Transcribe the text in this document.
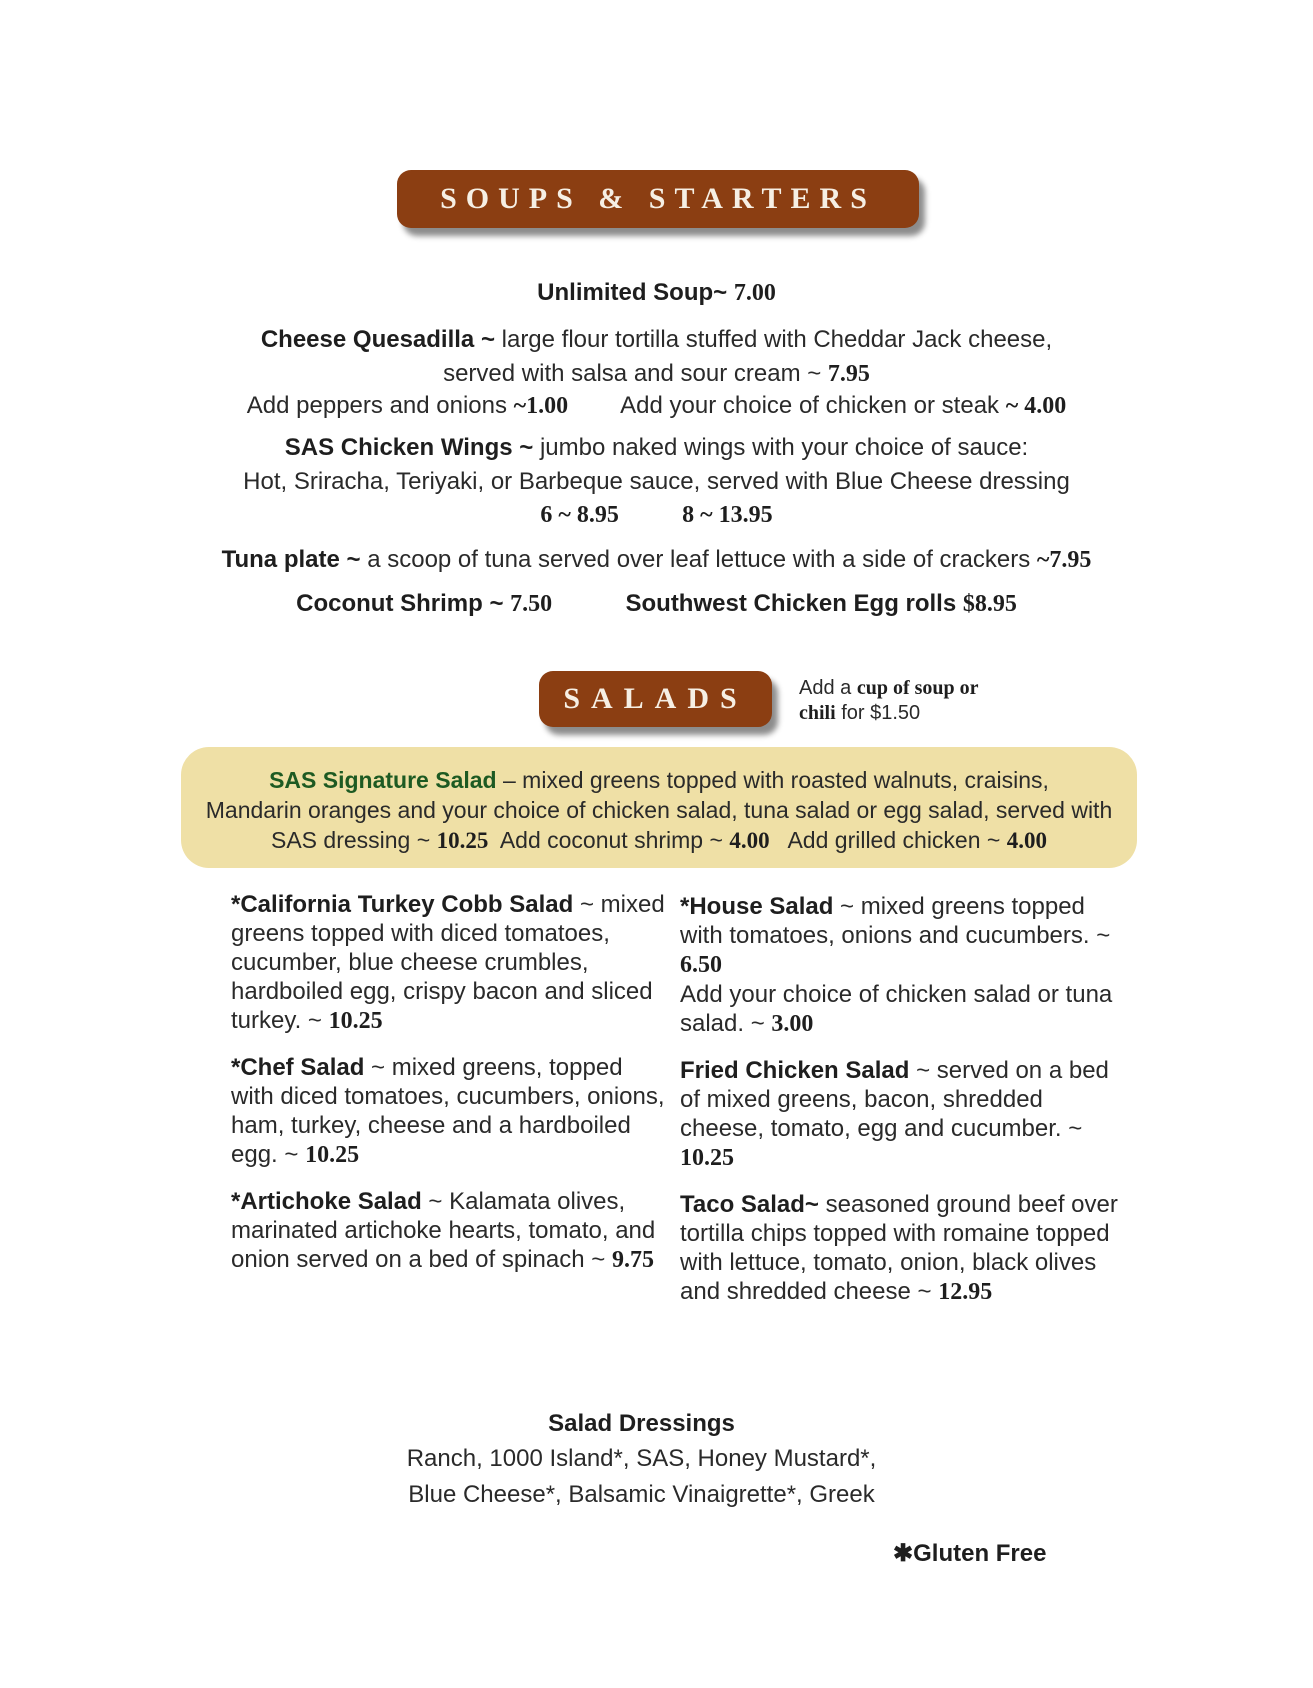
SOUPS & STARTERS
Unlimited Soup~ 7.00
Cheese Quesadilla ~ large flour tortilla stuffed with Cheddar Jack cheese,
served with salsa and sour cream ~ 7.95
Add peppers and onions ~1.00 Add your choice of chicken or steak ~ 4.00
SAS Chicken Wings ~ jumbo naked wings with your choice of sauce:
Hot, Sriracha, Teriyaki, or Barbeque sauce, served with Blue Cheese dressing
6 ~ 8.95	8 ~ 13.95
Tuna plate ~ a scoop of tuna served over leaf lettuce with a side of crackers ~7.95
Coconut Shrimp ~ 7.50	Southwest Chicken Egg rolls $8.95
SALADS	Add a cup of soup or chili for $1.50
SAS Signature Salad – mixed greens topped with roasted walnuts, craisins,
Mandarin oranges and your choice of chicken salad, tuna salad or egg salad, served with
SAS dressing ~ 10.25  Add coconut shrimp ~ 4.00   Add grilled chicken ~ 4.00

*California Turkey Cobb Salad ~ mixed greens topped with diced tomatoes, cucumber, blue cheese crumbles, hardboiled egg, crispy bacon and sliced turkey. ~ 10.25

*Chef Salad ~ mixed greens, topped with diced tomatoes, cucumbers, onions, ham, turkey, cheese and a hardboiled egg. ~ 10.25

*Artichoke Salad ~ Kalamata olives, marinated artichoke hearts, tomato, and onion served on a bed of spinach ~ 9.75

*House Salad ~ mixed greens topped with tomatoes, onions and cucumbers. ~ 6.50
Add your choice of chicken salad or tuna salad. ~ 3.00

Fried Chicken Salad ~ served on a bed of mixed greens, bacon, shredded cheese, tomato, egg and cucumber. ~ 10.25

Taco Salad~ seasoned ground beef over tortilla chips topped with romaine topped with lettuce, tomato, onion, black olives and shredded cheese ~ 12.95

Salad Dressings
Ranch, 1000 Island*, SAS, Honey Mustard*,
Blue Cheese*, Balsamic Vinaigrette*, Greek
✱Gluten Free
